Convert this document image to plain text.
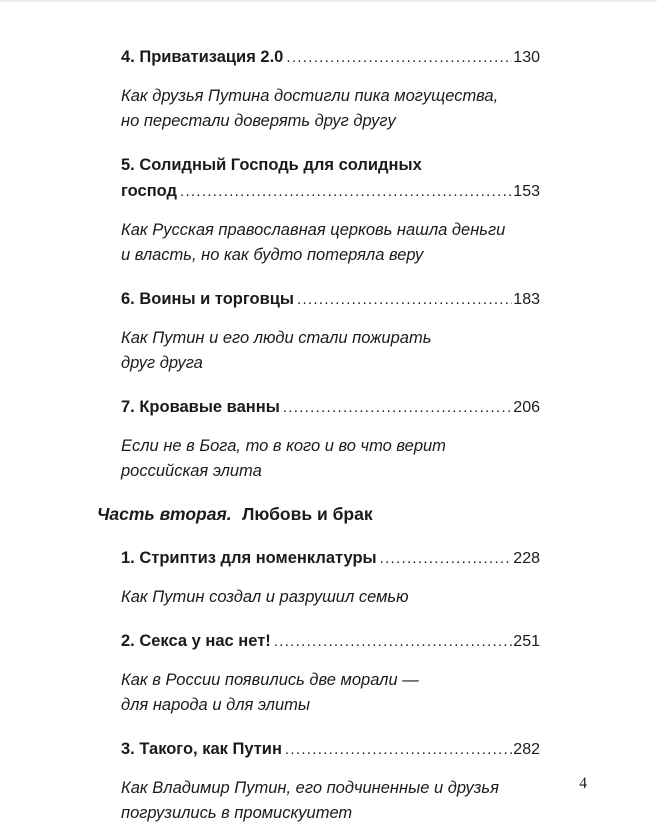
4. Приватизация 2.0 .....	130
Как друзья Путина достигли пика могущества,
но перестали доверять друг другу
5. Солидный Господь для солидных
господ .....	153
Как Русская православная церковь нашла деньги
и власть, но как будто потеряла веру
6. Воины и торговцы .....	183
Как Путин и его люди стали пожирать
друг друга
7. Кровавые ванны .....	206
Если не в Бога, то в кого и во что верит
российская элита
Часть вторая. Любовь и брак
1. Стриптиз для номенклатуры .....	228
Как Путин создал и разрушил семью
2. Секса у нас нет! .....	251
Как в России появились две морали —
для народа и для элиты
3. Такого, как Путин .....	282
Как Владимир Путин, его подчиненные и друзья
погрузились в промискуитет
4
